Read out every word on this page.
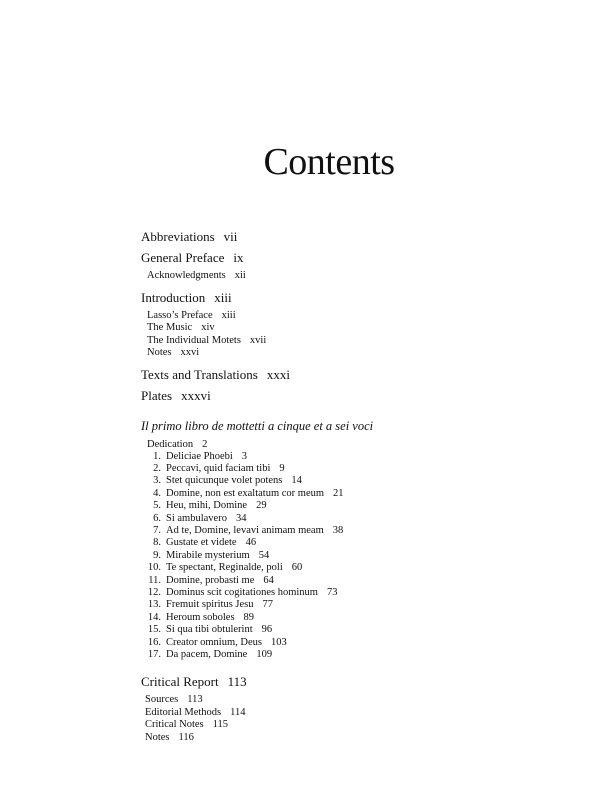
Contents
Abbreviations vii
General Preface ix
Acknowledgments xii
Introduction xiii
Lasso’s Preface xiii
The Music xiv
The Individual Motets xvii
Notes xxvi
Texts and Translations xxxi
Plates xxxvi
Il primo libro de mottetti a cinque et a sei voci
Dedication 2
1. Deliciae Phoebi 3
2. Peccavi, quid faciam tibi 9
3. Stet quicunque volet potens 14
4. Domine, non est exaltatum cor meum 21
5. Heu, mihi, Domine 29
6. Si ambulavero 34
7. Ad te, Domine, levavi animam meam 38
8. Gustate et videte 46
9. Mirabile mysterium 54
10. Te spectant, Reginalde, poli 60
11. Domine, probasti me 64
12. Dominus scit cogitationes hominum 73
13. Fremuit spiritus Jesu 77
14. Heroum soboles 89
15. Si qua tibi obtulerint 96
16. Creator omnium, Deus 103
17. Da pacem, Domine 109
Critical Report 113
Sources 113
Editorial Methods 114
Critical Notes 115
Notes 116
